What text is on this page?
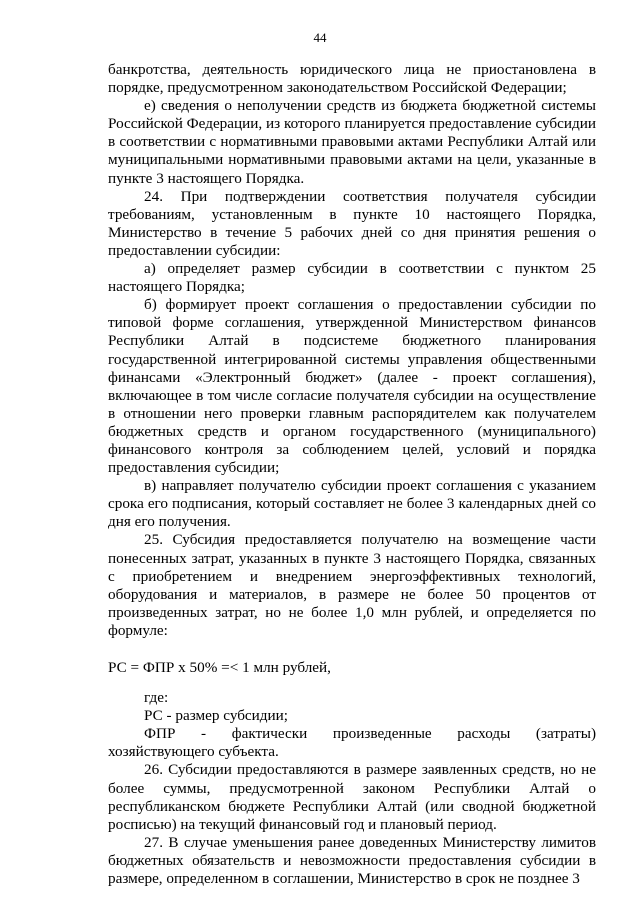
44

банкротства, деятельность юридического лица не приостановлена в порядке, предусмотренном законодательством Российской Федерации;

е) сведения о неполучении средств из бюджета бюджетной системы Российской Федерации, из которого планируется предоставление субсидии в соответствии с нормативными правовыми актами Республики Алтай или муниципальными нормативными правовыми актами на цели, указанные в пункте 3 настоящего Порядка.

24. При подтверждении соответствия получателя субсидии требованиям, установленным в пункте 10 настоящего Порядка, Министерство в течение 5 рабочих дней со дня принятия решения о предоставлении субсидии:

а) определяет размер субсидии в соответствии с пунктом 25 настоящего Порядка;

б) формирует проект соглашения о предоставлении субсидии по типовой форме соглашения, утвержденной Министерством финансов Республики Алтай в подсистеме бюджетного планирования государственной интегрированной системы управления общественными финансами «Электронный бюджет» (далее - проект соглашения), включающее в том числе согласие получателя субсидии на осуществление в отношении него проверки главным распорядителем как получателем бюджетных средств и органом государственного (муниципального) финансового контроля за соблюдением целей, условий и порядка предоставления субсидии;

в) направляет получателю субсидии проект соглашения с указанием срока его подписания, который составляет не более 3 календарных дней со дня его получения.

25. Субсидия предоставляется получателю на возмещение части понесенных затрат, указанных в пункте 3 настоящего Порядка, связанных с приобретением и внедрением энергоэффективных технологий, оборудования и материалов, в размере не более 50 процентов от произведенных затрат, но не более 1,0 млн рублей, и определяется по формуле:

РС = ФПР х 50% =< 1 млн рублей,

где:

РС - размер субсидии;

ФПР - фактически произведенные расходы (затраты) хозяйствующего субъекта.

26. Субсидии предоставляются в размере заявленных средств, но не более суммы, предусмотренной законом Республики Алтай о республиканском бюджете Республики Алтай (или сводной бюджетной росписью) на текущий финансовый год и плановый период.

27. В случае уменьшения ранее доведенных Министерству лимитов бюджетных обязательств и невозможности предоставления субсидии в размере, определенном в соглашении, Министерство в срок не позднее 3
